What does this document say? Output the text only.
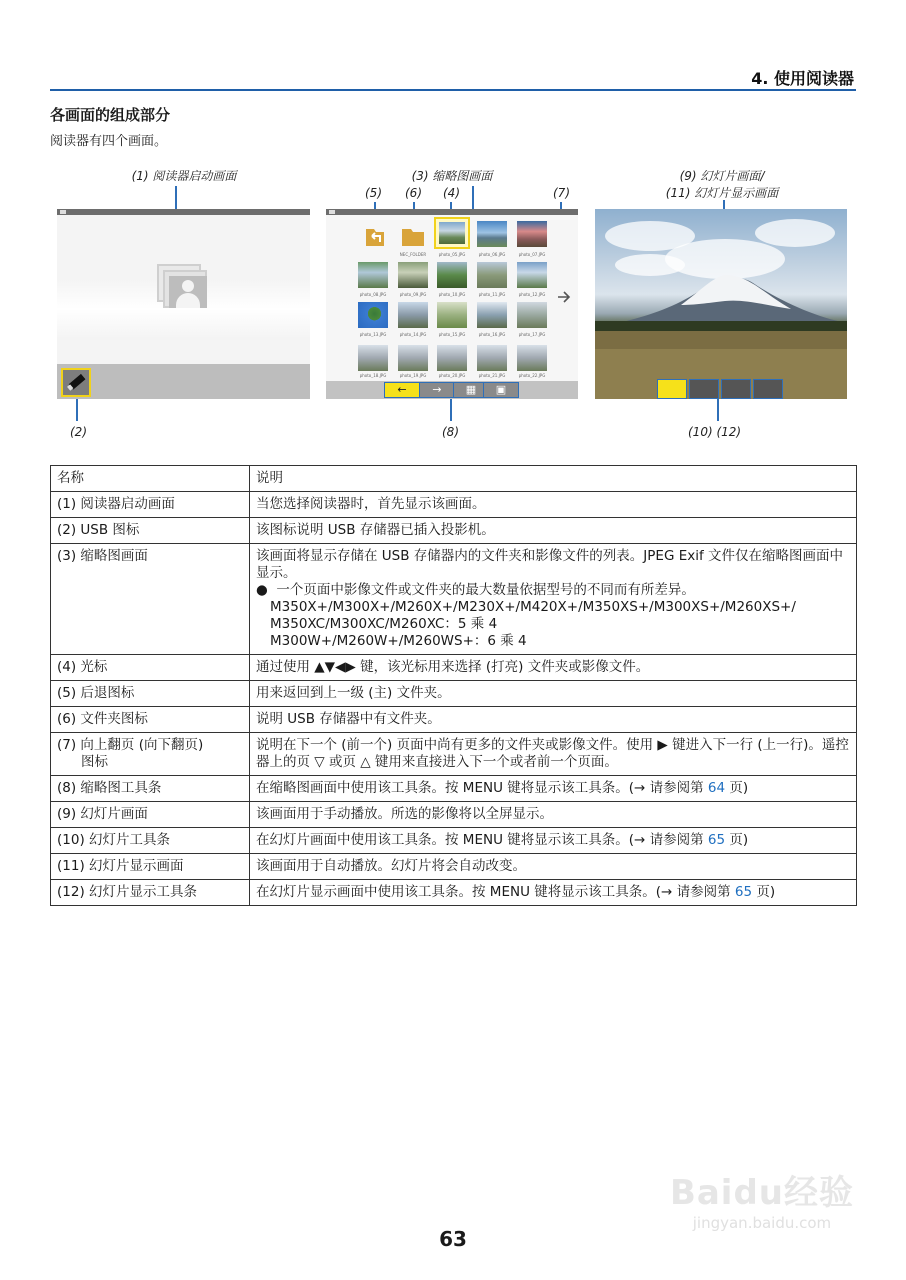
4. 使用阅读器
各画面的组成部分
阅读器有四个画面。
(1) 阅读器启动画面	(3) 缩略图画面
(5) (6) (4)	(7)
(9) 幻灯片画面/
(11) 幻灯片显示画面
(2)
NEC_FOLDER	photo_05.JPG	photo_06.JPG	photo_07.JPG
photo_08.JPG	photo_09.JPG	photo_10.JPG	photo_11.JPG	photo_12.JPG
photo_13.JPG	photo_14.JPG	photo_15.JPG	photo_16.JPG	photo_17.JPG
photo_18.JPG	photo_19.JPG	photo_20.JPG	photo_21.JPG	photo_22.JPG
←	→	▦	▣
(8)	(10) (12)
名称	说明
(1) 阅读器启动画面	当您选择阅读器时，首先显示该画面。
(2) USB 图标	该图标说明 USB 存储器已插入投影机。
(3) 缩略图画面	该画面将显示存储在 USB 存储器内的文件夹和影像文件的列表。JPEG Exif 文件仅在缩略图画面中显示。
●  一个页面中影像文件或文件夹的最大数量依据型号的不同而有所差异。
M350X+/M300X+/M260X+/M230X+/M420X+/M350XS+/M300XS+/M260XS+/
M350XC/M300XC/M260XC：5 乘 4
M300W+/M260W+/M260WS+：6 乘 4

(4) 光标	通过使用 ▲▼◀▶ 键，该光标用来选择 (打亮) 文件夹或影像文件。
(5) 后退图标	用来返回到上一级 (主) 文件夹。
(6) 文件夹图标	说明 USB 存储器中有文件夹。

(7) 向上翻页 (向下翻页)
图标	说明在下一个 (前一个) 页面中尚有更多的文件夹或影像文件。使用 ▶ 键进入下一行 (上一行)。遥控器上的页 ▽ 或页 △ 键用来直接进入下一个或者前一个页面。
(8) 缩略图工具条	在缩略图画面中使用该工具条。按 MENU 键将显示该工具条。(→ 请参阅第 64 页)
(9) 幻灯片画面	该画面用于手动播放。所选的影像将以全屏显示。
(10) 幻灯片工具条	在幻灯片画面中使用该工具条。按 MENU 键将显示该工具条。(→ 请参阅第 65 页)
(11) 幻灯片显示画面	该画面用于自动播放。幻灯片将会自动改变。
(12) 幻灯片显示工具条	在幻灯片显示画面中使用该工具条。按 MENU 键将显示该工具条。(→ 请参阅第 65 页)
Baidu经验
jingyan.baidu.com
63
